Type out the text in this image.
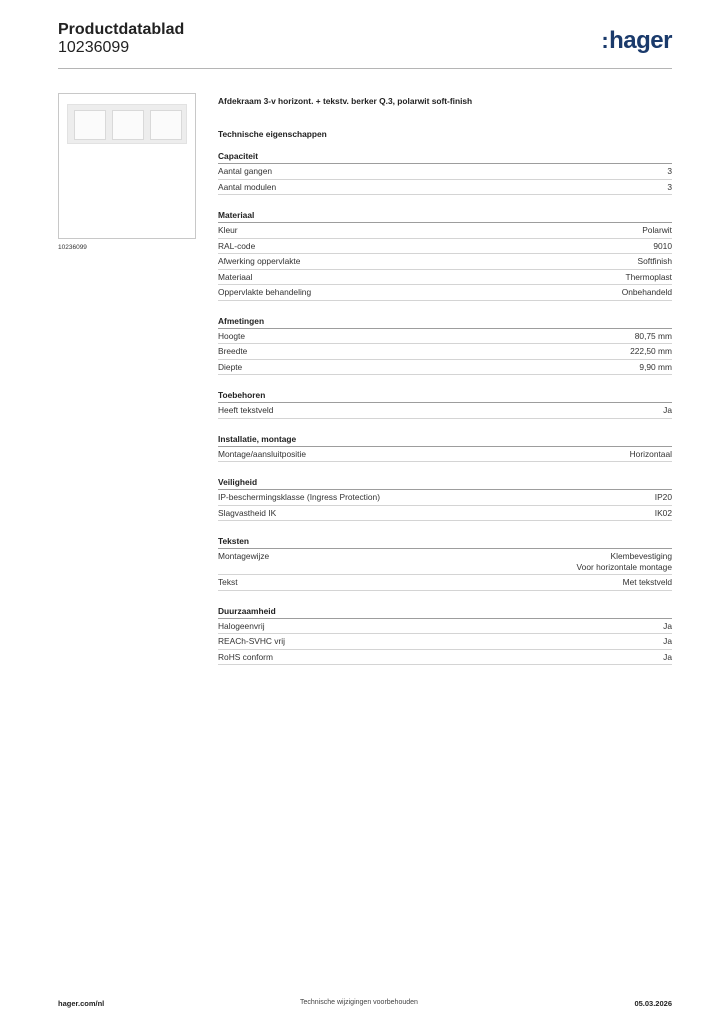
Productdatablad
10236099	:hager
10236099
Afdekraam 3-v horizont. + tekstv. berker Q.3, polarwit soft-finish
Technische eigenschappen
Capaciteit
Aantal gangen	3
Aantal modulen	3
Materiaal
Kleur	Polarwit
RAL-code	9010
Afwerking oppervlakte	Softfinish
Materiaal	Thermoplast
Oppervlakte behandeling	Onbehandeld
Afmetingen
Hoogte	80,75 mm
Breedte	222,50 mm
Diepte	9,90 mm
Toebehoren
Heeft tekstveld	Ja
Installatie, montage
Montage/aansluitpositie	Horizontaal
Veiligheid
IP-beschermingsklasse (Ingress Protection)	IP20
Slagvastheid IK	IK02
Teksten
Montagewijze	Klembevestiging
Voor horizontale montage
Tekst	Met tekstveld
Duurzaamheid
Halogeenvrij	Ja
REACh-SVHC vrij	Ja
RoHS conform	Ja
hager.com/nl	Technische wijzigingen voorbehouden	05.03.2026
